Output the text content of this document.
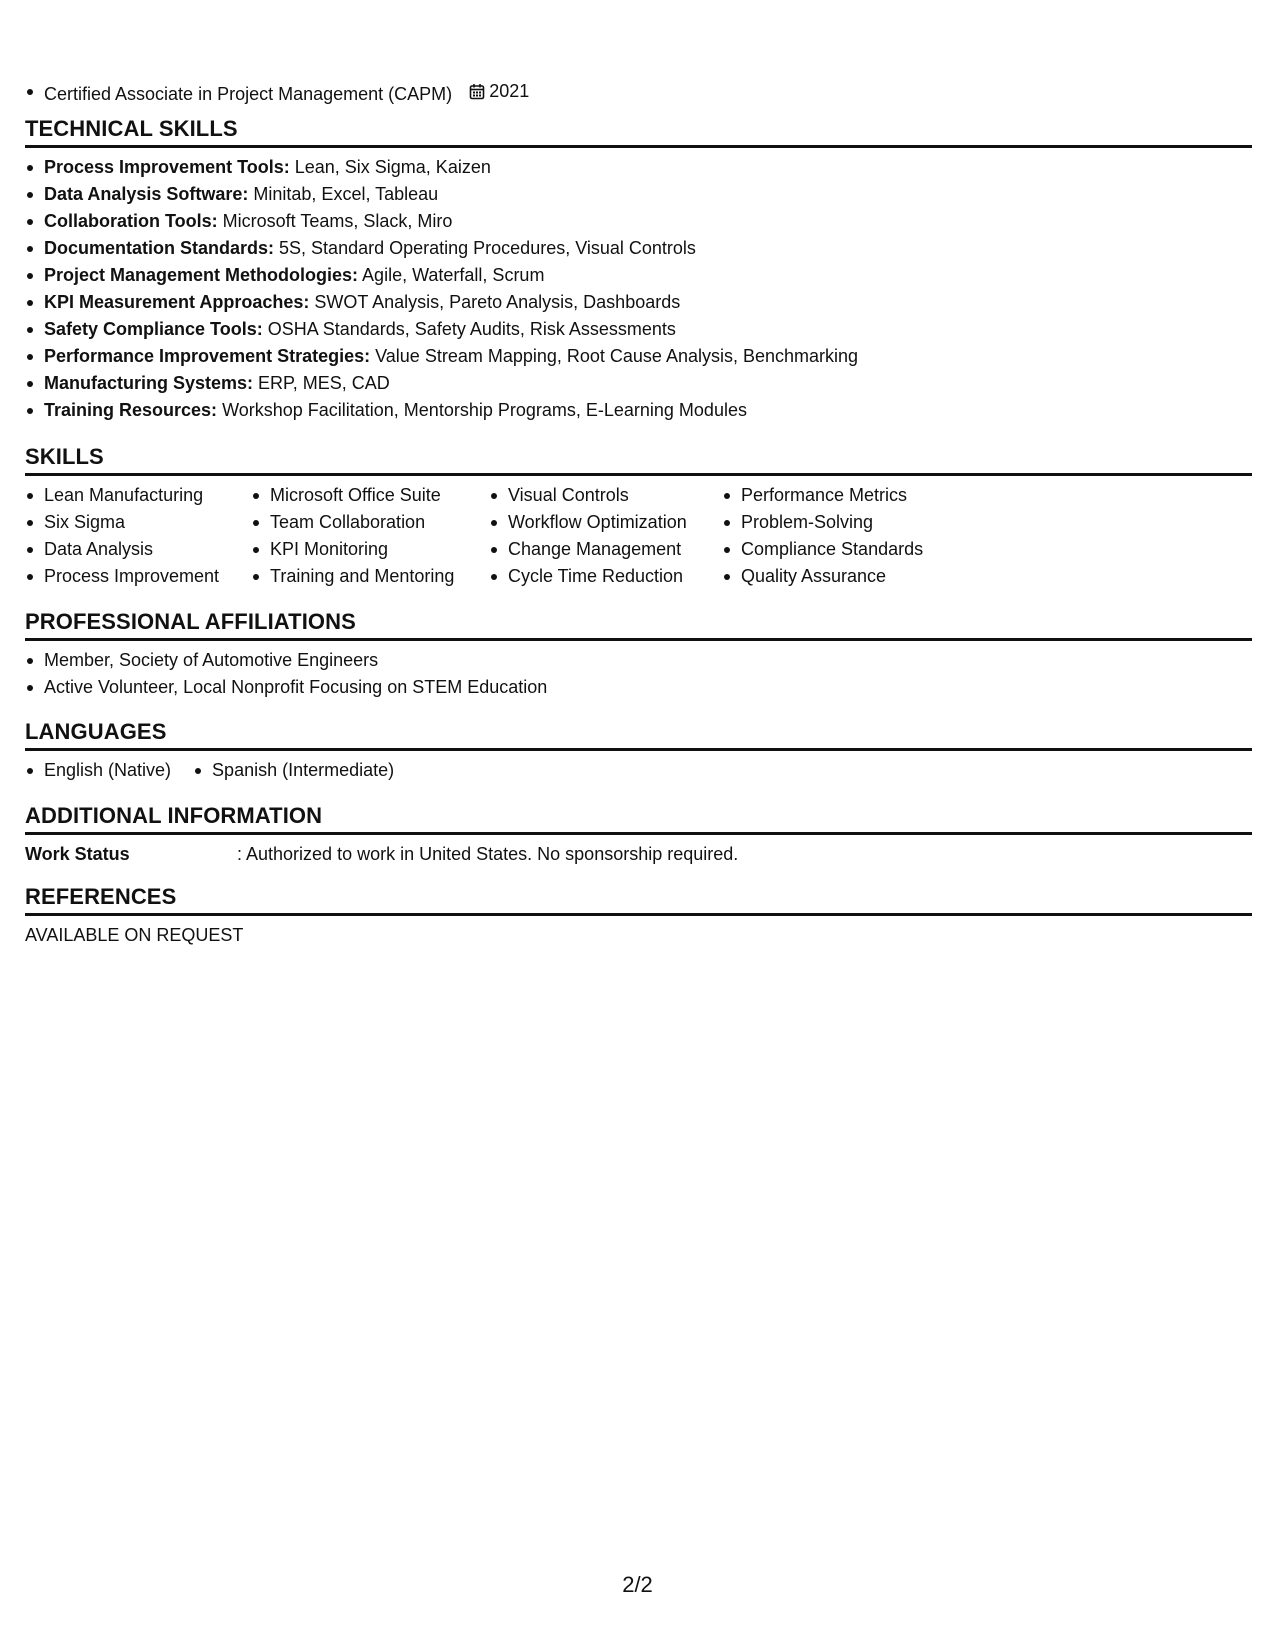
Certified Associate in Project Management (CAPM) 2021
TECHNICAL SKILLS
Process Improvement Tools: Lean, Six Sigma, Kaizen
Data Analysis Software: Minitab, Excel, Tableau
Collaboration Tools: Microsoft Teams, Slack, Miro
Documentation Standards: 5S, Standard Operating Procedures, Visual Controls
Project Management Methodologies: Agile, Waterfall, Scrum
KPI Measurement Approaches: SWOT Analysis, Pareto Analysis, Dashboards
Safety Compliance Tools: OSHA Standards, Safety Audits, Risk Assessments
Performance Improvement Strategies: Value Stream Mapping, Root Cause Analysis, Benchmarking
Manufacturing Systems: ERP, MES, CAD
Training Resources: Workshop Facilitation, Mentorship Programs, E-Learning Modules
SKILLS
Lean Manufacturing
Six Sigma
Data Analysis
Process Improvement
Microsoft Office Suite
Team Collaboration
KPI Monitoring
Training and Mentoring
Visual Controls
Workflow Optimization
Change Management
Cycle Time Reduction
Performance Metrics
Problem-Solving
Compliance Standards
Quality Assurance
PROFESSIONAL AFFILIATIONS
Member, Society of Automotive Engineers
Active Volunteer, Local Nonprofit Focusing on STEM Education
LANGUAGES
English (Native)	Spanish (Intermediate)
ADDITIONAL INFORMATION
Work Status	: Authorized to work in United States. No sponsorship required.
REFERENCES
AVAILABLE ON REQUEST
2/2
